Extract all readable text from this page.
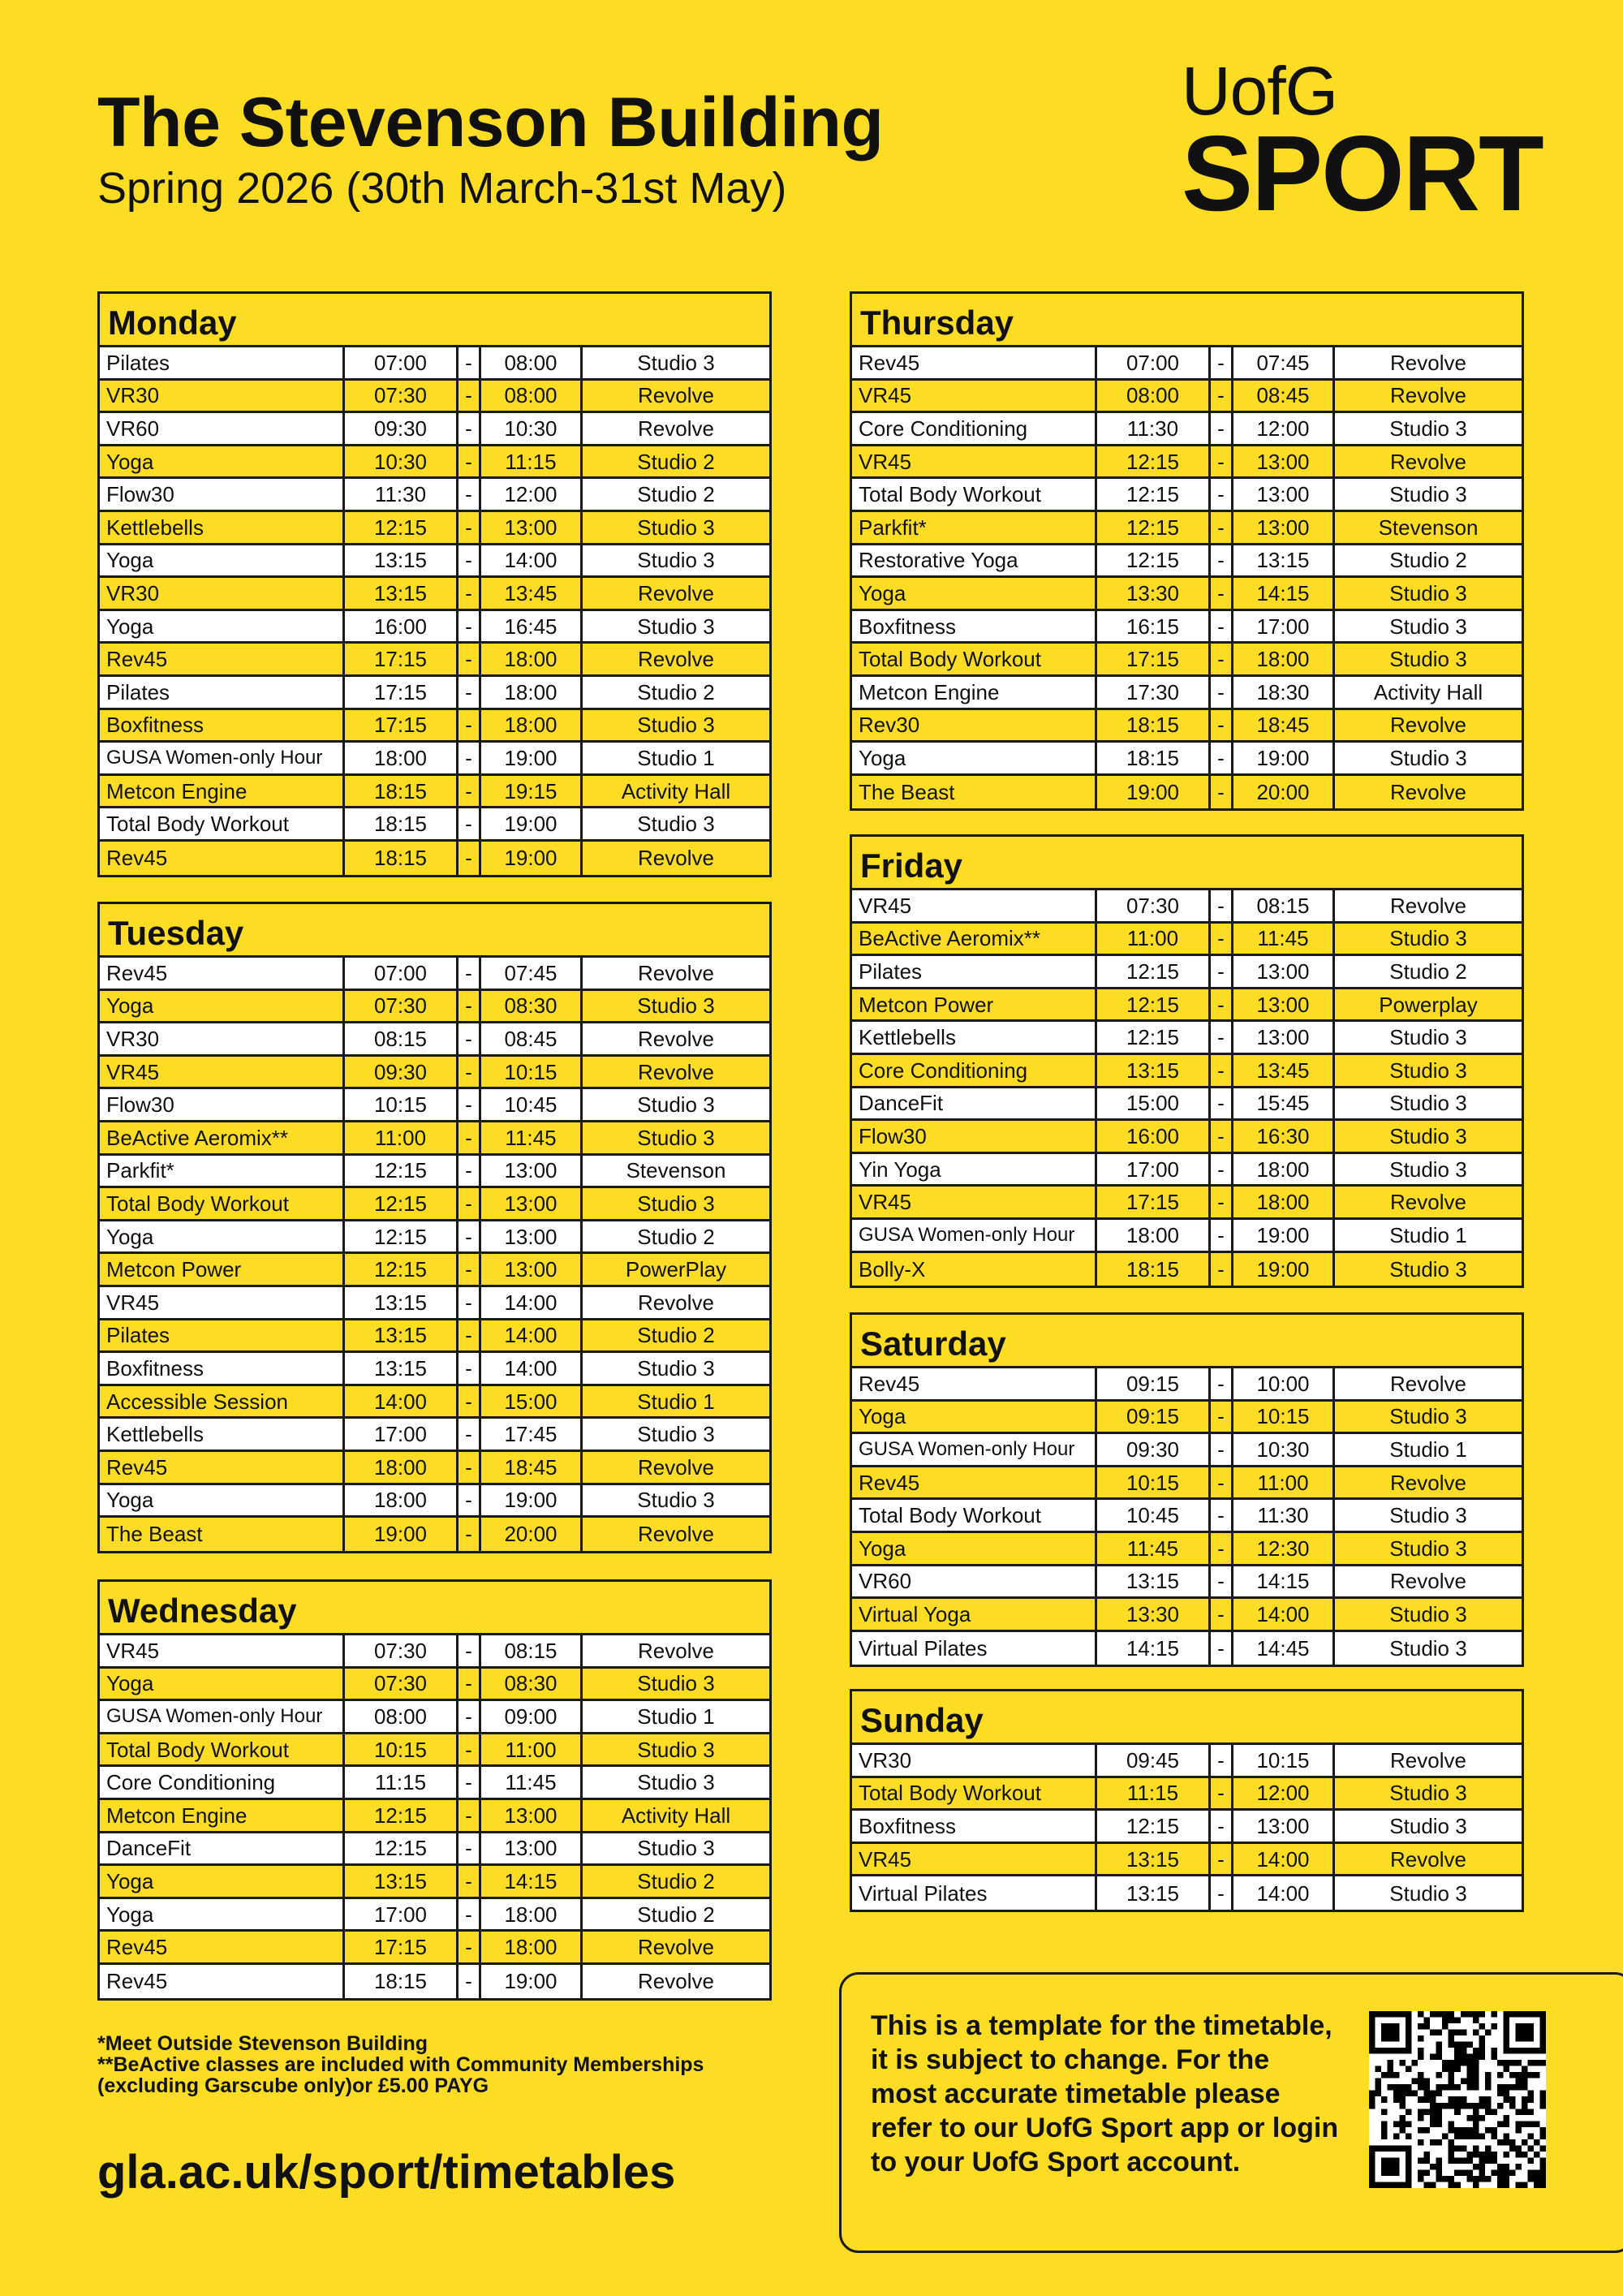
The Stevenson Building
Spring 2026 (30th March-31st May)
UofG
SPORT
Monday
Pilates	07:00	-	08:00	Studio 3
VR30	07:30	-	08:00	Revolve
VR60	09:30	-	10:30	Revolve
Yoga	10:30	-	11:15	Studio 2
Flow30	11:30	-	12:00	Studio 2
Kettlebells	12:15	-	13:00	Studio 3
Yoga	13:15	-	14:00	Studio 3
VR30	13:15	-	13:45	Revolve
Yoga	16:00	-	16:45	Studio 3
Rev45	17:15	-	18:00	Revolve
Pilates	17:15	-	18:00	Studio 2
Boxfitness	17:15	-	18:00	Studio 3
GUSA Women-only Hour	18:00	-	19:00	Studio 1
Metcon Engine	18:15	-	19:15	Activity Hall
Total Body Workout	18:15	-	19:00	Studio 3
Rev45	18:15	-	19:00	Revolve
Tuesday
Rev45	07:00	-	07:45	Revolve
Yoga	07:30	-	08:30	Studio 3
VR30	08:15	-	08:45	Revolve
VR45	09:30	-	10:15	Revolve
Flow30	10:15	-	10:45	Studio 3
BeActive Aeromix**	11:00	-	11:45	Studio 3
Parkfit*	12:15	-	13:00	Stevenson
Total Body Workout	12:15	-	13:00	Studio 3
Yoga	12:15	-	13:00	Studio 2
Metcon Power	12:15	-	13:00	PowerPlay
VR45	13:15	-	14:00	Revolve
Pilates	13:15	-	14:00	Studio 2
Boxfitness	13:15	-	14:00	Studio 3
Accessible Session	14:00	-	15:00	Studio 1
Kettlebells	17:00	-	17:45	Studio 3
Rev45	18:00	-	18:45	Revolve
Yoga	18:00	-	19:00	Studio 3
The Beast	19:00	-	20:00	Revolve
Wednesday
VR45	07:30	-	08:15	Revolve
Yoga	07:30	-	08:30	Studio 3
GUSA Women-only Hour	08:00	-	09:00	Studio 1
Total Body Workout	10:15	-	11:00	Studio 3
Core Conditioning	11:15	-	11:45	Studio 3
Metcon Engine	12:15	-	13:00	Activity Hall
DanceFit	12:15	-	13:00	Studio 3
Yoga	13:15	-	14:15	Studio 2
Yoga	17:00	-	18:00	Studio 2
Rev45	17:15	-	18:00	Revolve
Rev45	18:15	-	19:00	Revolve
Thursday
Rev45	07:00	-	07:45	Revolve
VR45	08:00	-	08:45	Revolve
Core Conditioning	11:30	-	12:00	Studio 3
VR45	12:15	-	13:00	Revolve
Total Body Workout	12:15	-	13:00	Studio 3
Parkfit*	12:15	-	13:00	Stevenson
Restorative Yoga	12:15	-	13:15	Studio 2
Yoga	13:30	-	14:15	Studio 3
Boxfitness	16:15	-	17:00	Studio 3
Total Body Workout	17:15	-	18:00	Studio 3
Metcon Engine	17:30	-	18:30	Activity Hall
Rev30	18:15	-	18:45	Revolve
Yoga	18:15	-	19:00	Studio 3
The Beast	19:00	-	20:00	Revolve
Friday
VR45	07:30	-	08:15	Revolve
BeActive Aeromix**	11:00	-	11:45	Studio 3
Pilates	12:15	-	13:00	Studio 2
Metcon Power	12:15	-	13:00	Powerplay
Kettlebells	12:15	-	13:00	Studio 3
Core Conditioning	13:15	-	13:45	Studio 3
DanceFit	15:00	-	15:45	Studio 3
Flow30	16:00	-	16:30	Studio 3
Yin Yoga	17:00	-	18:00	Studio 3
VR45	17:15	-	18:00	Revolve
GUSA Women-only Hour	18:00	-	19:00	Studio 1
Bolly-X	18:15	-	19:00	Studio 3
Saturday
Rev45	09:15	-	10:00	Revolve
Yoga	09:15	-	10:15	Studio 3
GUSA Women-only Hour	09:30	-	10:30	Studio 1
Rev45	10:15	-	11:00	Revolve
Total Body Workout	10:45	-	11:30	Studio 3
Yoga	11:45	-	12:30	Studio 3
VR60	13:15	-	14:15	Revolve
Virtual Yoga	13:30	-	14:00	Studio 3
Virtual Pilates	14:15	-	14:45	Studio 3
Sunday
VR30	09:45	-	10:15	Revolve
Total Body Workout	11:15	-	12:00	Studio 3
Boxfitness	12:15	-	13:00	Studio 3
VR45	13:15	-	14:00	Revolve
Virtual Pilates	13:15	-	14:00	Studio 3
*Meet Outside Stevenson Building
**BeActive classes are included with Community Memberships
(excluding Garscube only)or £5.00 PAYG
gla.ac.uk/sport/timetables
This is a template for the timetable, it is subject to change. For the most accurate timetable please refer to our UofG Sport app or login to your UofG Sport account.
